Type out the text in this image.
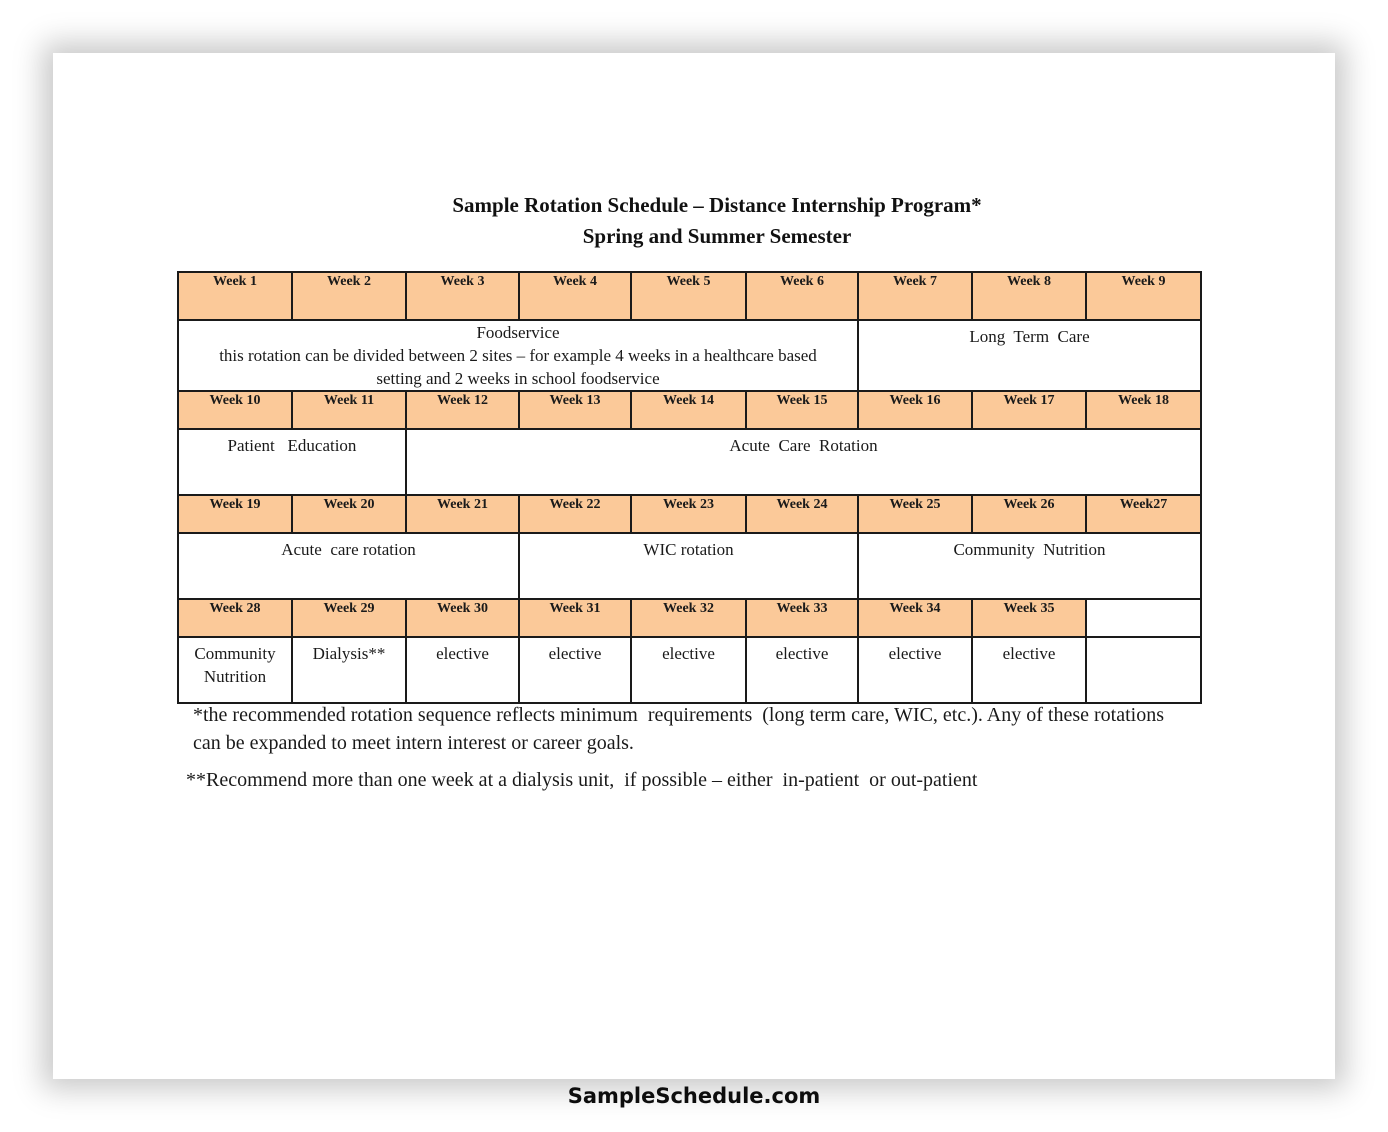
Sample Rotation Schedule – Distance Internship Program*
Spring and Summer Semester
Week 1	Week 2	Week 3	Week 4	Week 5	Week 6	Week 7	Week 8	Week 9

Foodservice
this rotation can be divided between 2 sites – for example 4 weeks in a healthcare based
setting and 2 weeks in school foodservice						Long  Term  Care		

Week 10	Week 11	Week 12	Week 13	Week 14	Week 15	Week 16	Week 17	Week 18

Patient   Education		Acute  Care  Rotation						

Week 19	Week 20	Week 21	Week 22	Week 23	Week 24	Week 25	Week 26	Week27

Acute  care rotation			WIC rotation			Community  Nutrition		

Week 28	Week 29	Week 30	Week 31	Week 32	Week 33	Week 34	Week 35	

Community
Nutrition	Dialysis**	elective	elective	elective	elective	elective	elective	

*the recommended rotation sequence reflects minimum  requirements  (long term care, WIC, etc.). Any of these rotations
can be expanded to meet intern interest or career goals.
**Recommend more than one week at a dialysis unit,  if possible – either  in-patient  or out-patient
SampleSchedule.com
